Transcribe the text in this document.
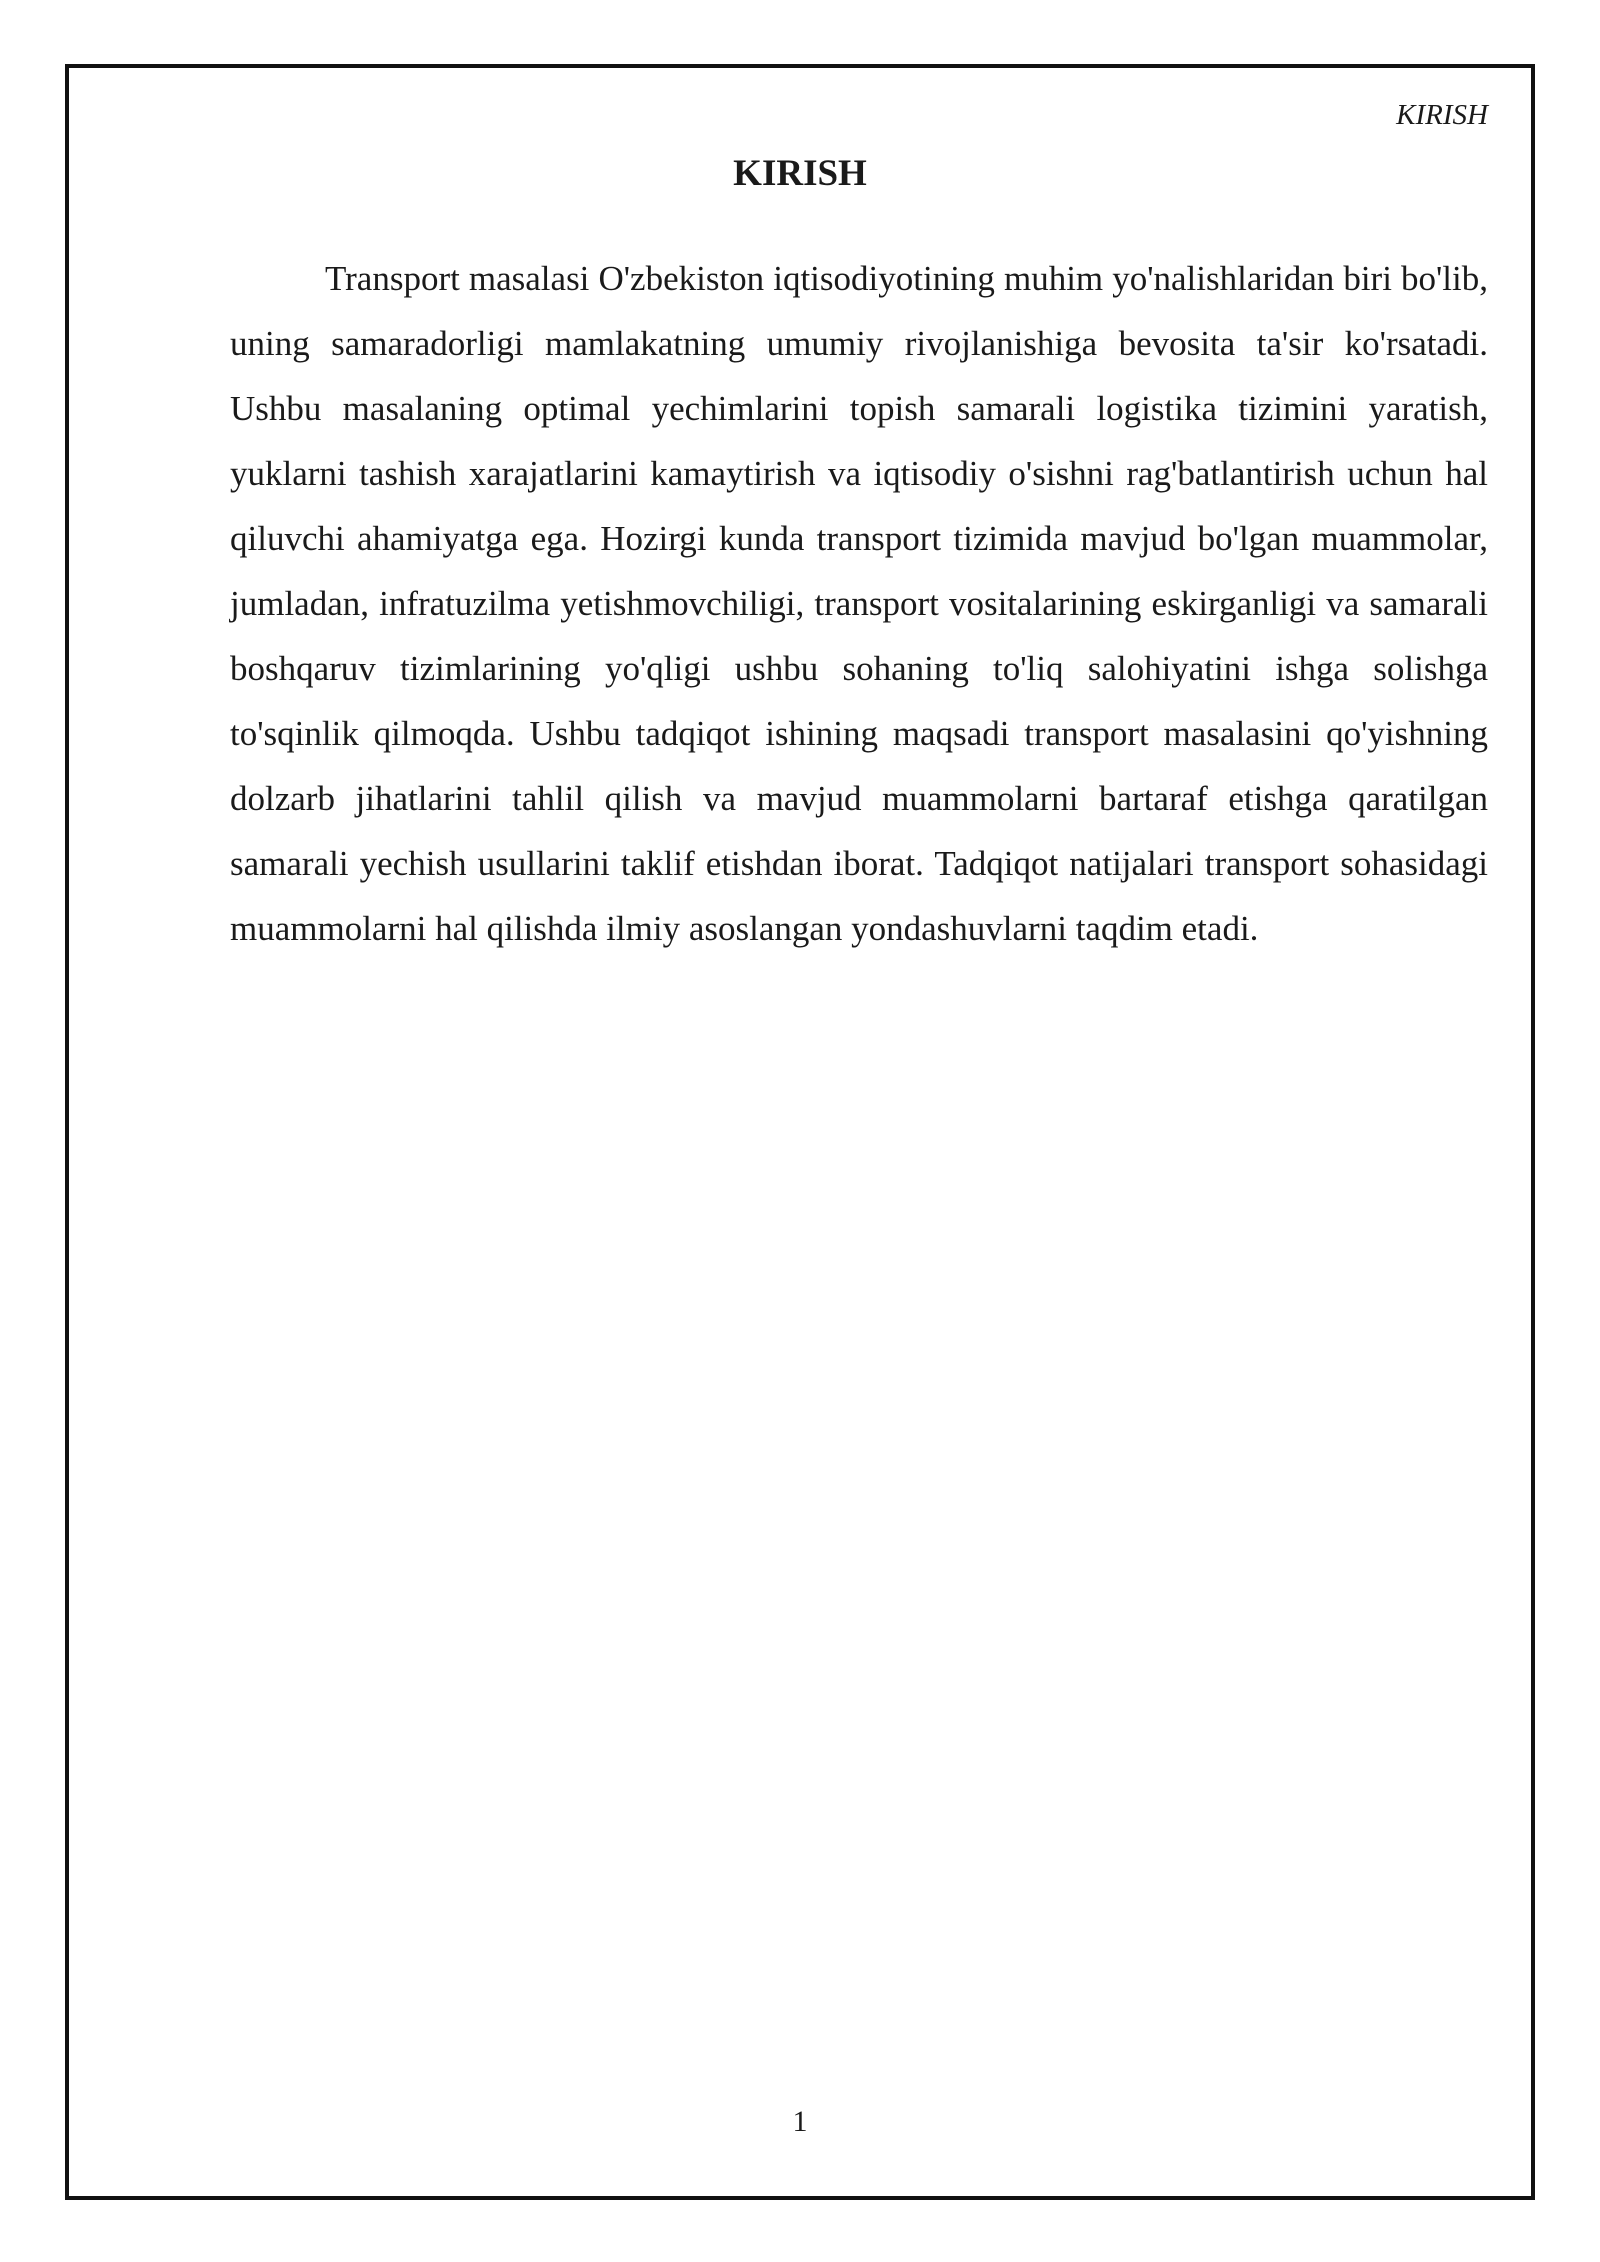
KIRISH
KIRISH

Transport masalasi O'zbekiston iqtisodiyotining muhim yo'nalishlaridan biri bo'lib, uning samaradorligi mamlakatning umumiy rivojlanishiga bevosita ta'sir ko'rsatadi. Ushbu masalaning optimal yechimlarini topish samarali logistika tizimini yaratish, yuklarni tashish xarajatlarini kamaytirish va iqtisodiy o'sishni rag'batlantirish uchun hal qiluvchi ahamiyatga ega. Hozirgi kunda transport tizimida mavjud bo'lgan muammolar, jumladan, infratuzilma yetishmovchiligi, transport vositalarining eskirganligi va samarali boshqaruv tizimlarining yo'qligi ushbu sohaning to'liq salohiyatini ishga solishga to'sqinlik qilmoqda. Ushbu tadqiqot ishining maqsadi transport masalasini qo'yishning dolzarb jihatlarini tahlil qilish va mavjud muammolarni bartaraf etishga qaratilgan samarali yechish usullarini taklif etishdan iborat. Tadqiqot natijalari transport sohasidagi muammolarni hal qilishda ilmiy asoslangan yondashuvlarni taqdim etadi.

1
